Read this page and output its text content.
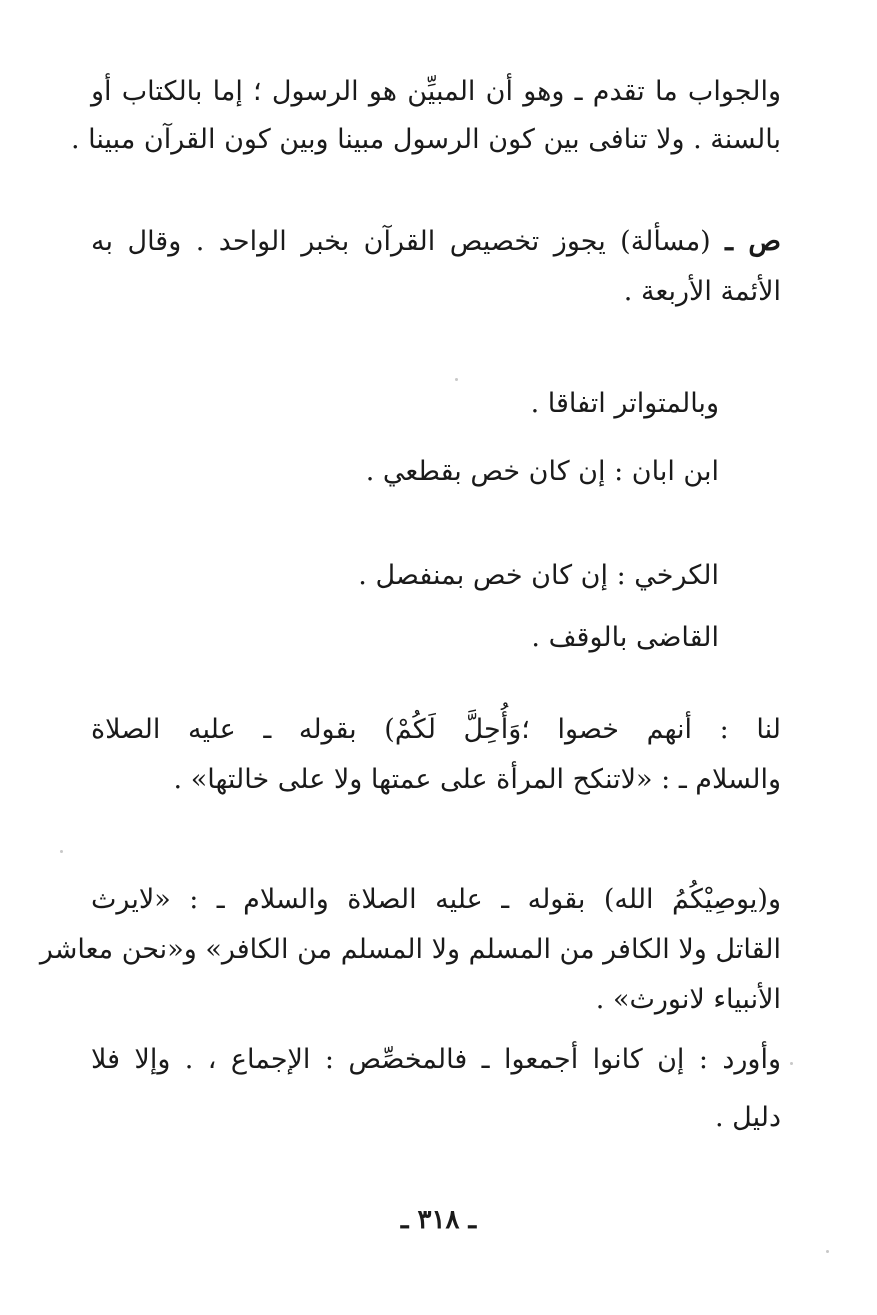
والجواب ما تقدم ـ وهو أن المبيِّن هو الرسول ؛ إما بالكتاب أو
بالسنة . ولا تنافى بين كون الرسول مبينا وبين كون القرآن مبينا .
ص ـ (مسألة) يجوز تخصيص القرآن بخبر الواحد . وقال به
الأئمة الأربعة .
وبالمتواتر اتفاقا .
ابن ابان : إن كان خص بقطعي .
الكرخي : إن كان خص بمنفصل .
القاضى بالوقف .
لنا : أنهم خصوا ؛وَأُحِلَّ لَكُمْ) بقوله ـ عليه الصلاة
والسلام ـ : «لاتنكح المرأة على عمتها ولا على خالتها» .
و(يوصِيْكُمُ الله) بقوله ـ عليه الصلاة والسلام ـ : «لايرث
القاتل ولا الكافر من المسلم ولا المسلم من الكافر» و«نحن معاشر
الأنبياء لانورث» .
وأورد : إن كانوا أجمعوا ـ فالمخصِّص : الإجماع ، . وإلا فلا
دليل .
ـ ٣١٨ ـ
